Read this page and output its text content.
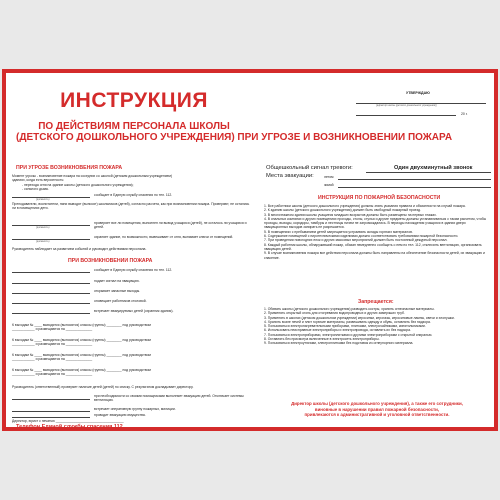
УТВЕРЖДАЮ
(директор школы (детского дошкольного учреждения))
20 г.
ИНСТРУКЦИЯ
ПО ДЕЙСТВИЯМ ПЕРСОНАЛА ШКОЛЫ
(ДЕТСКОГО ДОШКОЛЬНОГО УЧРЕЖДЕНИЯ) ПРИ УГРОЗЕ И ВОЗНИКНОВЕНИИ ПОЖАРА
ПРИ УГРОЗЕ ВОЗНИКНОВЕНИЯ ПОЖАРА
Момент угрозы - возникновение пожара на соседних со школой (детским дошкольным учреждением)
зданиях, когда есть вероятность:
- перехода огня на здание школы (детского дошкольного учреждения);
- сильного дыма.
сообщает в Единую службу спасения по тел. 112.
(должность)
Преподаватели, воспитатели, няни выводят (выносят) школьников (детей), согласно расчета, как при возникновении пожара. Проверяют, не остались ли в помещениях дети.
проверяет все ли помещения, выполнен ли вывод учащихся (детей), не осталось ли учащихся и детей.
(должность)
охраняет здание, по возможности, вывешивает от огня, вынимает ключи от помещений.
(должность)
Руководитель наблюдает за развитием событий и руководит действиями персонала.
ПРИ ВОЗНИКНОВЕНИИ ПОЖАРА
сообщает в Единую службу спасения по тел. 112.
подает сигнал на эвакуацию.
открывает запасные выходы.
оповещает работников столовой.
встречает эвакуируемых детей (охранник здания).
К выходам № ____ выводятся (выносятся) классы (группы) ________ под руководством
____________ и размещаются на ______________
К выходам № ____ выводятся (выносятся) классы (группы) ________ под руководством
____________ и размещаются на ______________
К выходам № ____ выводятся (выносятся) классы (группы) ________ под руководством
____________ и размещаются на ______________
К выходам № ____ выводятся (выносятся) классы (группы) ________ под руководством
____________ и размещаются на ______________
Руководитель (ответственный) проверяет наличие детей (детей) по списку. С результатом докладывает директору.
при необходимости со своими помощниками выполняет эвакуацию детей. Отключает системы вентиляции.
встречает оперативную группу пожарных, милиции.
проводит эвакуацию имущества.
Директор, юрист с печатью ____________________________________
Телефон Единой службы спасения 112.
Общешкольный сигнал тревоги:	Один двухминутный звонок
Места эвакуации:	летом
зимой
ИНСТРУКЦИЯ ПО ПОЖАРНОЙ БЕЗОПАСНОСТИ
1. Все работники школы (детского дошкольного учреждения) должны знать указания правила и обязанности на случай пожара.
2. К зданию школы (детского дошкольного учреждения) должен быть свободный пожарный проезд.
3. В многоэтажном здании школы учащиеся младших возрастов должны быть размещены на первых этажах.
4. В спальных комнатах и других помещениях проходы, столы, стулья и другие предметы должны устанавливаться с таким расчетом, чтобы проходы, выходы, коридоры, тамбуры и лестницы ничем не загромождались. В периоды нахождения учащихся в здании двери эвакуационных выходов запирать не разрешается.
5. В помещениях с пребыванием детей запрещается устраивать склады горючих материалов.
6. Содержание помещений с пиротехническими изделиями должно соответствовать требованиям пожарной безопасности.
7. При проведении новогодних елок и других массовых мероприятий должен быть постоянный дежурный персонал.
8. Каждый работник школы, обнаруживший пожар, обязан немедленно сообщить о нем по тел. 112, отключить вентиляцию, организовать эвакуацию детей.
9. В случае возникновения пожара все действия персонала должны быть направлены на обеспечение безопасности детей, их эвакуацию и спасение.
Запрещается:
1. Обивать школы (детского дошкольного учреждения) разводить костры, хранить огнеопасные материалы.
2. Применять открытый огонь для отогревания водопроводных и других замерзших труб.
3. Применять в школах (детском дошкольном учреждении) керосинки, керогазы, керосиновые лампы, свечи и хлопушки.
4. Хранить возле печей и плит горючие материалы, развешивать одежду и обувь, оставлять без надзора.
5. Пользоваться электронагревательными приборами, плитками, электрочайниками, кипятильниками.
6. Использовать неисправные электроприборы и электропровода, оставлять их без надзора.
7. Пользоваться электроприборами, электроплитками и другими электроприборами с открытой спиралью.
8. Оставлять без присмотра включенные в электросеть электроприборы.
9. Пользоваться электроутюгами, электроплитками без подставок из огнеупорного материала.
Директор школы (детского дошкольного учреждения), а также его сотрудники,
виновные в нарушении правил пожарной безопасности,
привлекаются к административной и уголовной ответственности.
